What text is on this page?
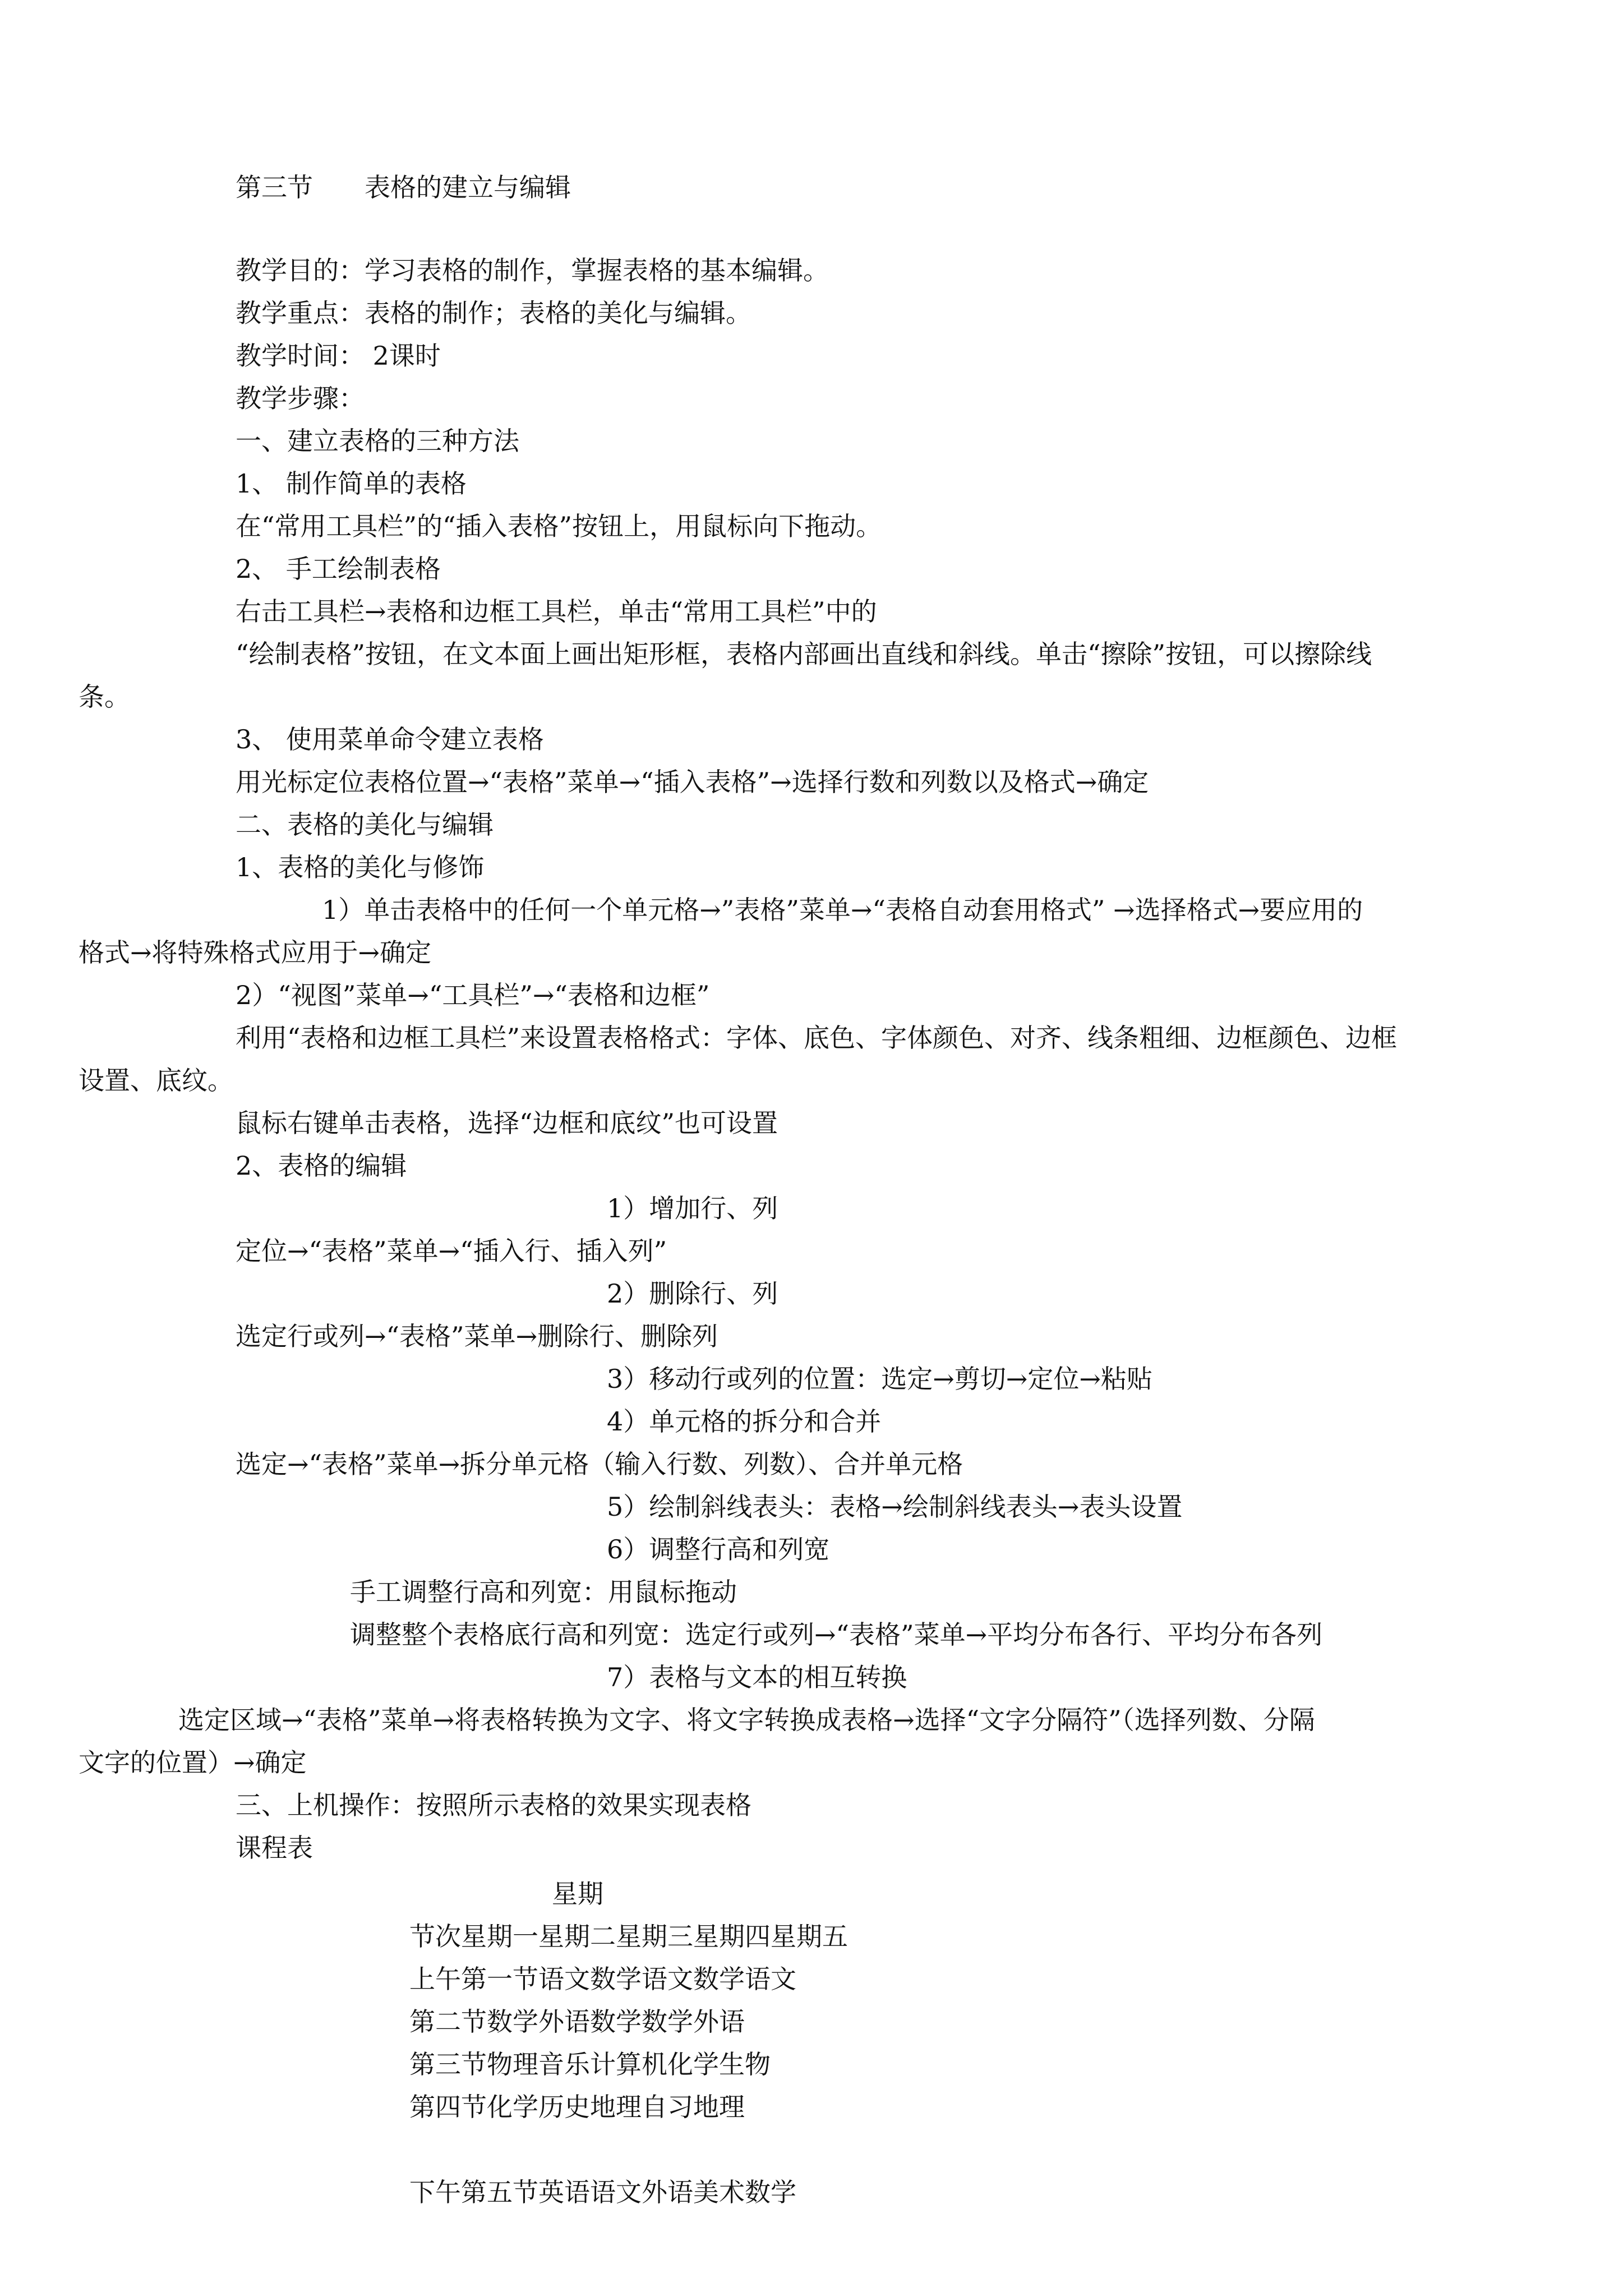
第三节 表格的建立与编辑

教学目的：学习表格的制作，掌握表格的基本编辑。

教学重点：表格的制作；表格的美化与编辑。

教学时间： 2课时

教学步骤：

一、建立表格的三种方法

1、 制作简单的表格

在“常用工具栏”的“插入表格”按钮上，用鼠标向下拖动。

2、 手工绘制表格

右击工具栏→表格和边框工具栏，单击“常用工具栏”中的

“绘制表格”按钮，在文本面上画出矩形框，表格内部画出直线和斜线。单击“擦除”按钮，可以擦除线

条。

3、 使用菜单命令建立表格

用光标定位表格位置→“表格”菜单→“插入表格”→选择行数和列数以及格式→确定

二、表格的美化与编辑

1、表格的美化与修饰

1）单击表格中的任何一个单元格→”表格”菜单→“表格自动套用格式” →选择格式→要应用的

格式→将特殊格式应用于→确定

2）“视图”菜单→“工具栏”→“表格和边框”

利用“表格和边框工具栏”来设置表格格式：字体、底色、字体颜色、对齐、线条粗细、边框颜色、边框

设置、底纹。

鼠标右键单击表格，选择“边框和底纹”也可设置

2、表格的编辑

1）增加行、列

定位→“表格”菜单→“插入行、插入列”

2）删除行、列

选定行或列→“表格”菜单→删除行、删除列

3）移动行或列的位置：选定→剪切→定位→粘贴

4）单元格的拆分和合并

选定→“表格”菜单→拆分单元格（输入行数、列数）、合并单元格

5）绘制斜线表头：表格→绘制斜线表头→表头设置

6）调整行高和列宽

手工调整行高和列宽：用鼠标拖动

调整整个表格底行高和列宽：选定行或列→“表格”菜单→平均分布各行、平均分布各列

7）表格与文本的相互转换

选定区域→“表格”菜单→将表格转换为文字、将文字转换成表格→选择“文字分隔符”（选择列数、分隔

文字的位置）→确定

三、上机操作：按照所示表格的效果实现表格

课程表

星期

节次星期一星期二星期三星期四星期五

上午第一节语文数学语文数学语文

第二节数学外语数学数学外语

第三节物理音乐计算机化学生物

第四节化学历史地理自习地理

下午第五节英语语文外语美术数学
